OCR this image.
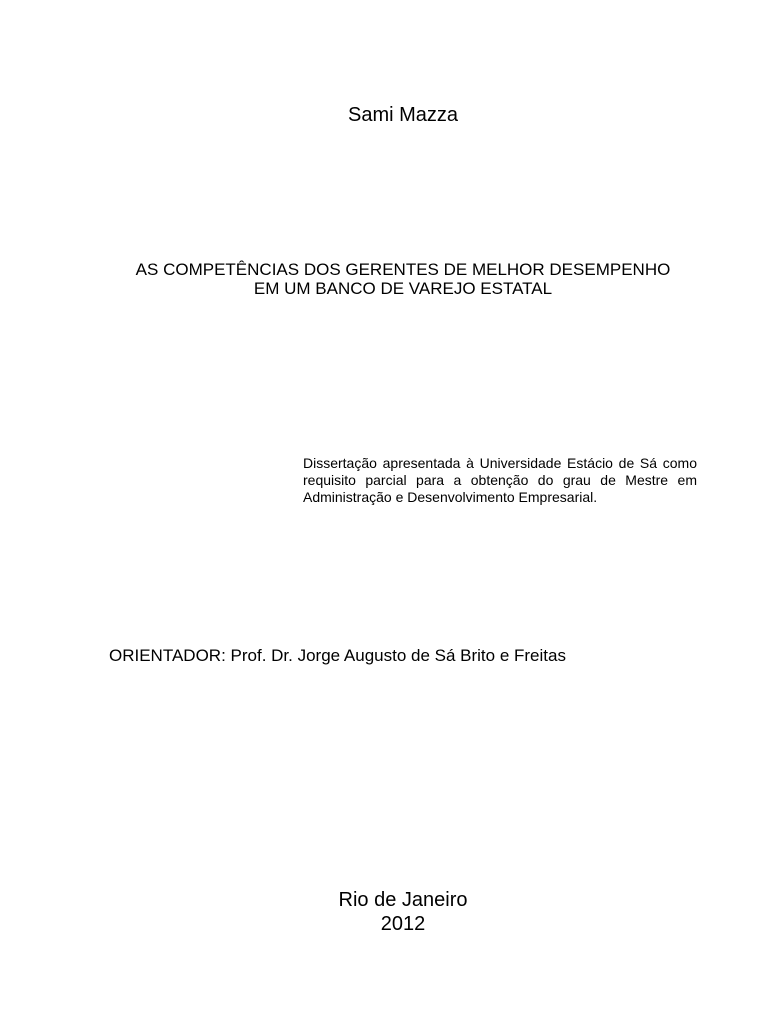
Sami Mazza
AS COMPETÊNCIAS DOS GERENTES DE MELHOR DESEMPENHO
EM UM BANCO DE VAREJO ESTATAL
Dissertação apresentada à Universidade Estácio de Sá como requisito parcial para a obtenção do grau de Mestre em Administração e Desenvolvimento Empresarial.
ORIENTADOR: Prof. Dr. Jorge Augusto de Sá Brito e Freitas
Rio de Janeiro
2012
